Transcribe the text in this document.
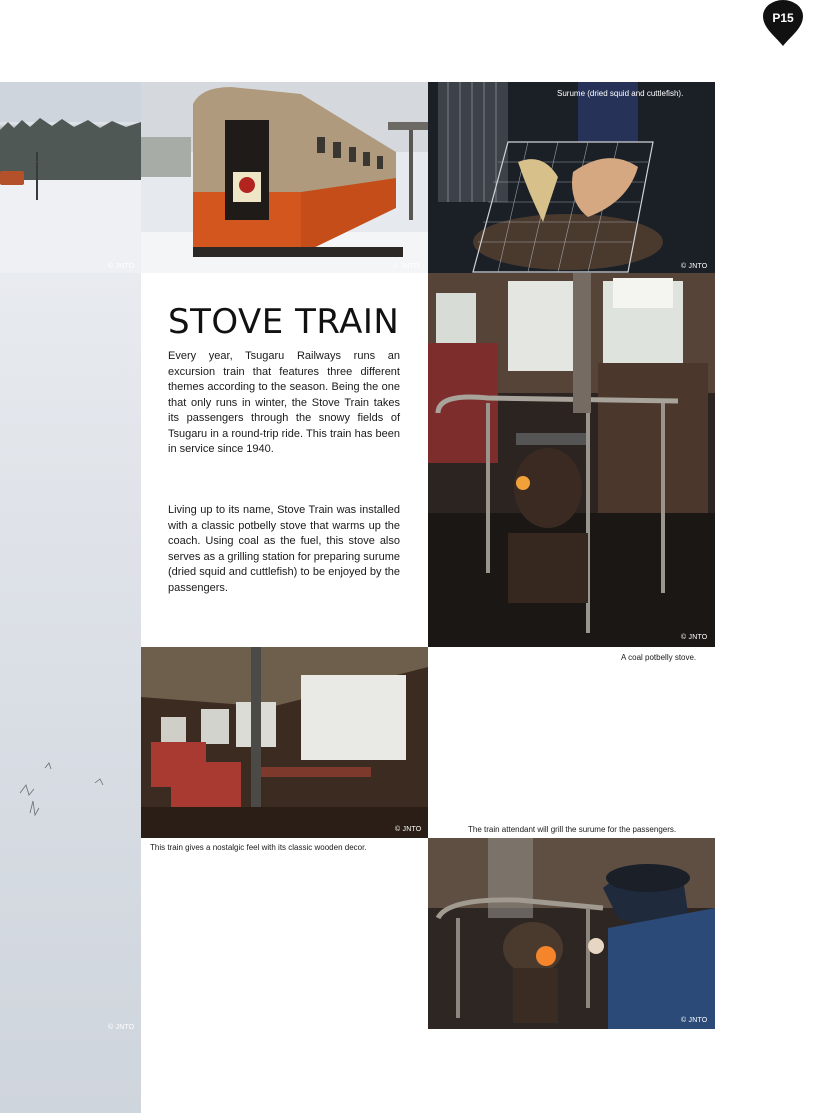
P15
© JNTO	© JNTO
Surume (dried squid and cuttlefish).
© JNTO
© JNTO
STOVE TRAIN
Every year, Tsugaru Railways runs an excursion train that features three different themes according to the season. Being the one that only runs in winter, the Stove Train takes its passengers through the snowy fields of Tsugaru in a round-trip ride. This train has been in service since 1940.
Living up to its name, Stove Train was installed with a classic potbelly stove that warms up the coach. Using coal as the fuel, this stove also serves as a grilling station for preparing surume (dried squid and cuttlefish) to be enjoyed by the passengers.
© JNTO
A coal potbelly stove.
© JNTO
This train gives a nostalgic feel with its classic wooden decor.
The train attendant will grill the surume for the passengers.
© JNTO
